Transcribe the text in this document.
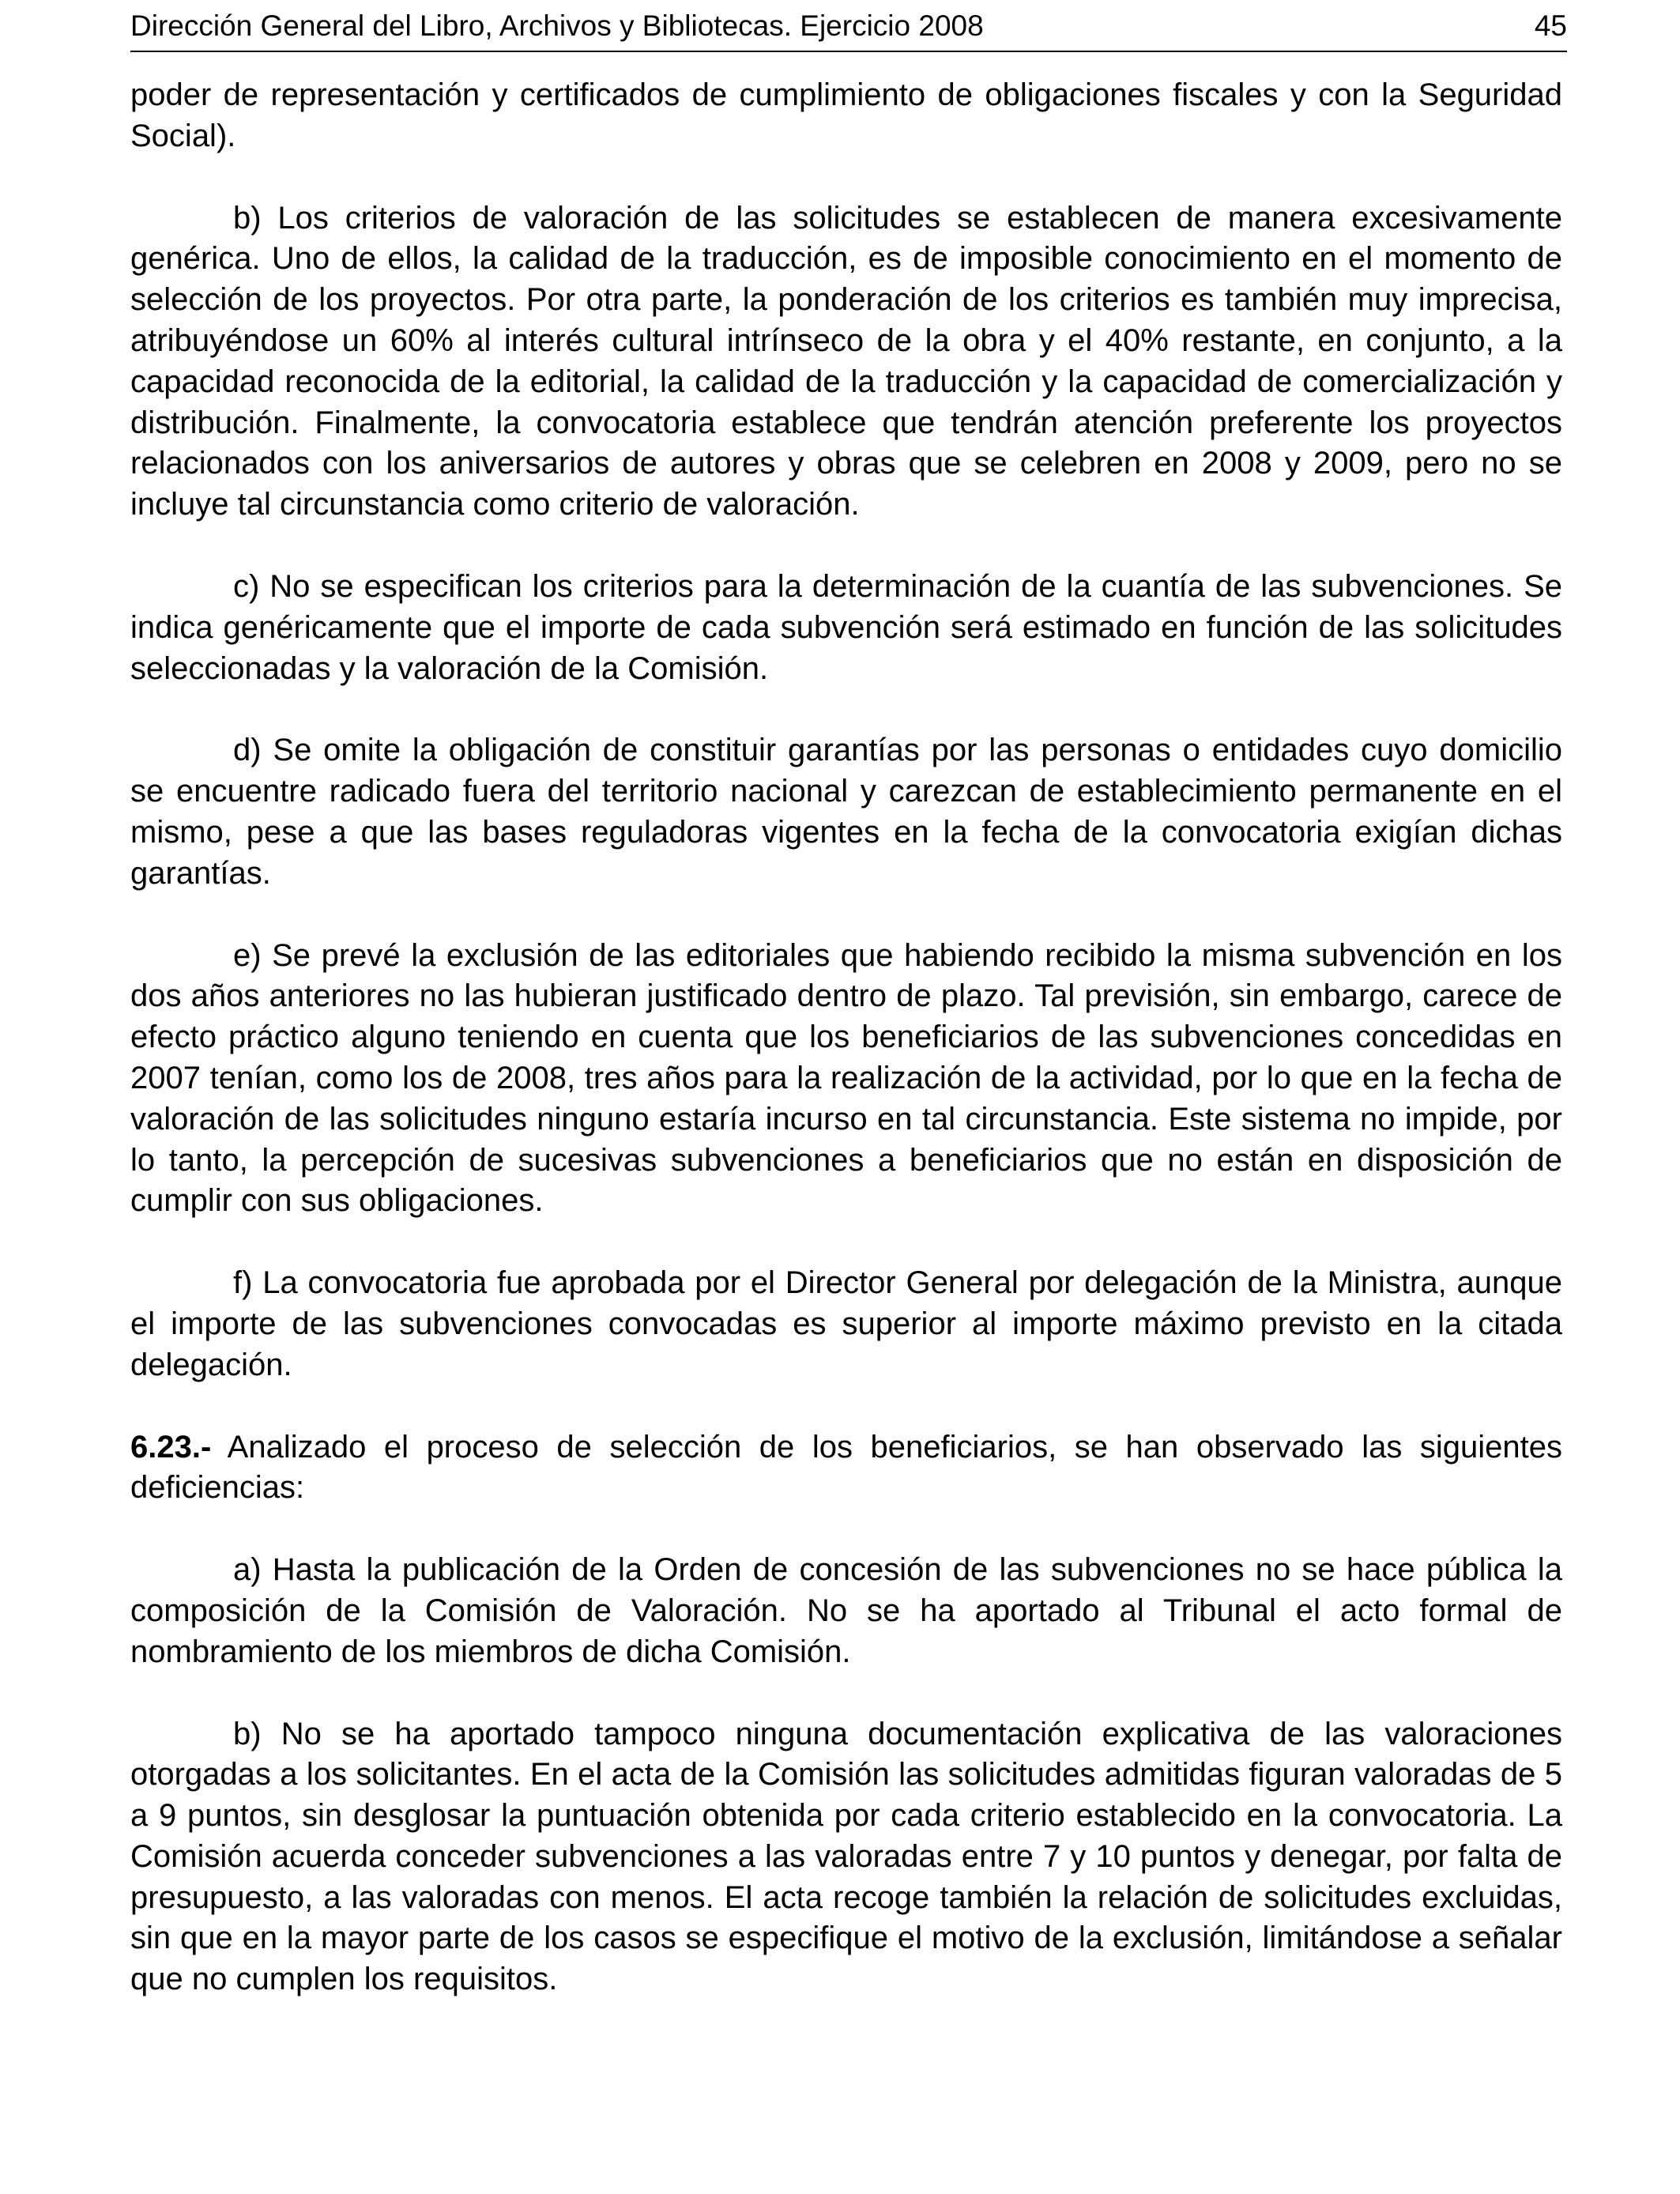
Dirección General del Libro, Archivos y Bibliotecas. Ejercicio 2008	45

poder de representación y certificados de cumplimiento de obligaciones fiscales y con la Seguridad Social).

b) Los criterios de valoración de las solicitudes se establecen de manera excesivamente genérica. Uno de ellos, la calidad de la traducción, es de imposible conocimiento en el momento de selección de los proyectos. Por otra parte, la ponderación de los criterios es también muy imprecisa, atribuyéndose un 60% al interés cultural intrínseco de la obra y el 40% restante, en conjunto, a la capacidad reconocida de la editorial, la calidad de la traducción y la capacidad de comercialización y distribución. Finalmente, la convocatoria establece que tendrán atención preferente los proyectos relacionados con los aniversarios de autores y obras que se celebren en 2008 y 2009, pero no se incluye tal circunstancia como criterio de valoración.

c) No se especifican los criterios para la determinación de la cuantía de las subvenciones. Se indica genéricamente que el importe de cada subvención será estimado en función de las solicitudes seleccionadas y la valoración de la Comisión.

d) Se omite la obligación de constituir garantías por las personas o entidades cuyo domicilio se encuentre radicado fuera del territorio nacional y carezcan de establecimiento permanente en el mismo, pese a que las bases reguladoras vigentes en la fecha de la convocatoria exigían dichas garantías.

e) Se prevé la exclusión de las editoriales que habiendo recibido la misma subvención en los dos años anteriores no las hubieran justificado dentro de plazo. Tal previsión, sin embargo, carece de efecto práctico alguno teniendo en cuenta que los beneficiarios de las subvenciones concedidas en 2007 tenían, como los de 2008, tres años para la realización de la actividad, por lo que en la fecha de valoración de las solicitudes ninguno estaría incurso en tal circunstancia. Este sistema no impide, por lo tanto, la percepción de sucesivas subvenciones a beneficiarios que no están en disposición de cumplir con sus obligaciones.

f) La convocatoria fue aprobada por el Director General por delegación de la Ministra, aunque el importe de las subvenciones convocadas es superior al importe máximo previsto en la citada delegación.

6.23.- Analizado el proceso de selección de los beneficiarios, se han observado las siguientes deficiencias:

a) Hasta la publicación de la Orden de concesión de las subvenciones no se hace pública la composición de la Comisión de Valoración. No se ha aportado al Tribunal el acto formal de nombramiento de los miembros de dicha Comisión.

b) No se ha aportado tampoco ninguna documentación explicativa de las valoraciones otorgadas a los solicitantes. En el acta de la Comisión las solicitudes admitidas figuran valoradas de 5 a 9 puntos, sin desglosar la puntuación obtenida por cada criterio establecido en la convocatoria. La Comisión acuerda conceder subvenciones a las valoradas entre 7 y 10 puntos y denegar, por falta de presupuesto, a las valoradas con menos. El acta recoge también la relación de solicitudes excluidas, sin que en la mayor parte de los casos se especifique el motivo de la exclusión, limitándose a señalar que no cumplen los requisitos.
